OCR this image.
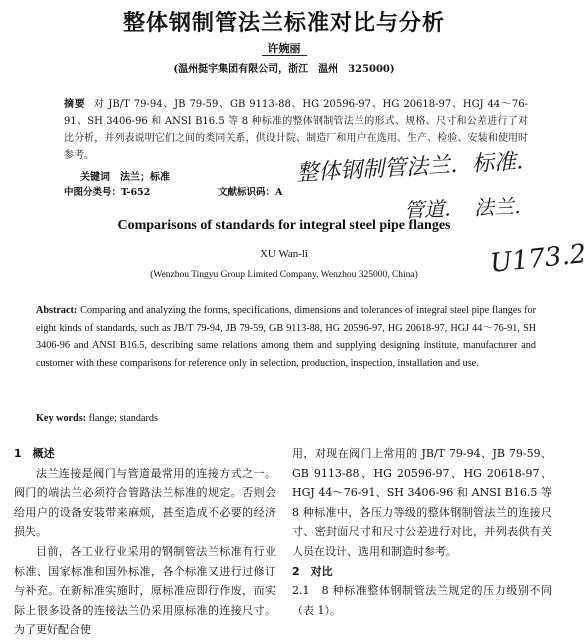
整体钢制管法兰标准对比与分析
许婉丽
(温州挺宇集团有限公司，浙江　温州　325000)
摘要 对 JB/T 79-94、JB 79-59、GB 9113-88、HG 20596-97、HG 20618-97、HGJ 44～76-91、SH 3406-96 和 ANSI B16.5 等 8 种标准的整体钢制管法兰的形式、规格、尺寸和公差进行了对比分析，并列表说明它们之间的类同关系，供设计院、制造厂和用户在选用、生产、检验、安装和使用时参考。
关键词　法兰；标准
中图分类号：T-652	文献标识码：A
整体钢制管法兰．标准．
管道．　法兰．
U173.2
Comparisons of standards for integral steel pipe flanges
XU Wan-li
(Wenzhou Tingyu Group Limited Company, Wenzhou 325000, China)
Abstract: Comparing and analyzing the forms, specifications, dimensions and tolerances of integral steel pipe flanges for eight kinds of standards, such as JB/T 79-94, JB 79-59, GB 9113-88, HG 20596-97, HG 20618-97, HGJ 44～76-91, SH 3406-96 and ANSI B16.5, describing same relations among them and supplying designing institute, manufacturer and customer with these comparisons for reference only in selection, production, inspection, installation and use.
Key words: flange; standards

1　概述

法兰连接是阀门与管道最常用的连接方式之一。阀门的端法兰必须符合管路法兰标准的规定。否则会给用户的设备安装带来麻烦，甚至造成不必要的经济损失。

目前，各工业行业采用的钢制管法兰标准有行业标准、国家标准和国外标准，各个标准又进行过修订与补充。在新标准实施时，原标准应即行作废，而实际上很多设备的连接法兰仍采用原标准的连接尺寸。为了更好配合使

用，对现在阀门上常用的 JB/T 79-94、JB 79-59、GB 9113-88、HG 20596-97、HG 20618-97、HGJ 44～76-91、SH 3406-96 和 ANSI B16.5 等 8 种标准中，各压力等级的整体钢制管法兰的连接尺寸、密封面尺寸和尺寸公差进行对比，并列表供有关人员在设计、选用和制造时参考。

2　对比

2.1　8 种标准整体钢制管法兰规定的压力级别不同（表 1）。
